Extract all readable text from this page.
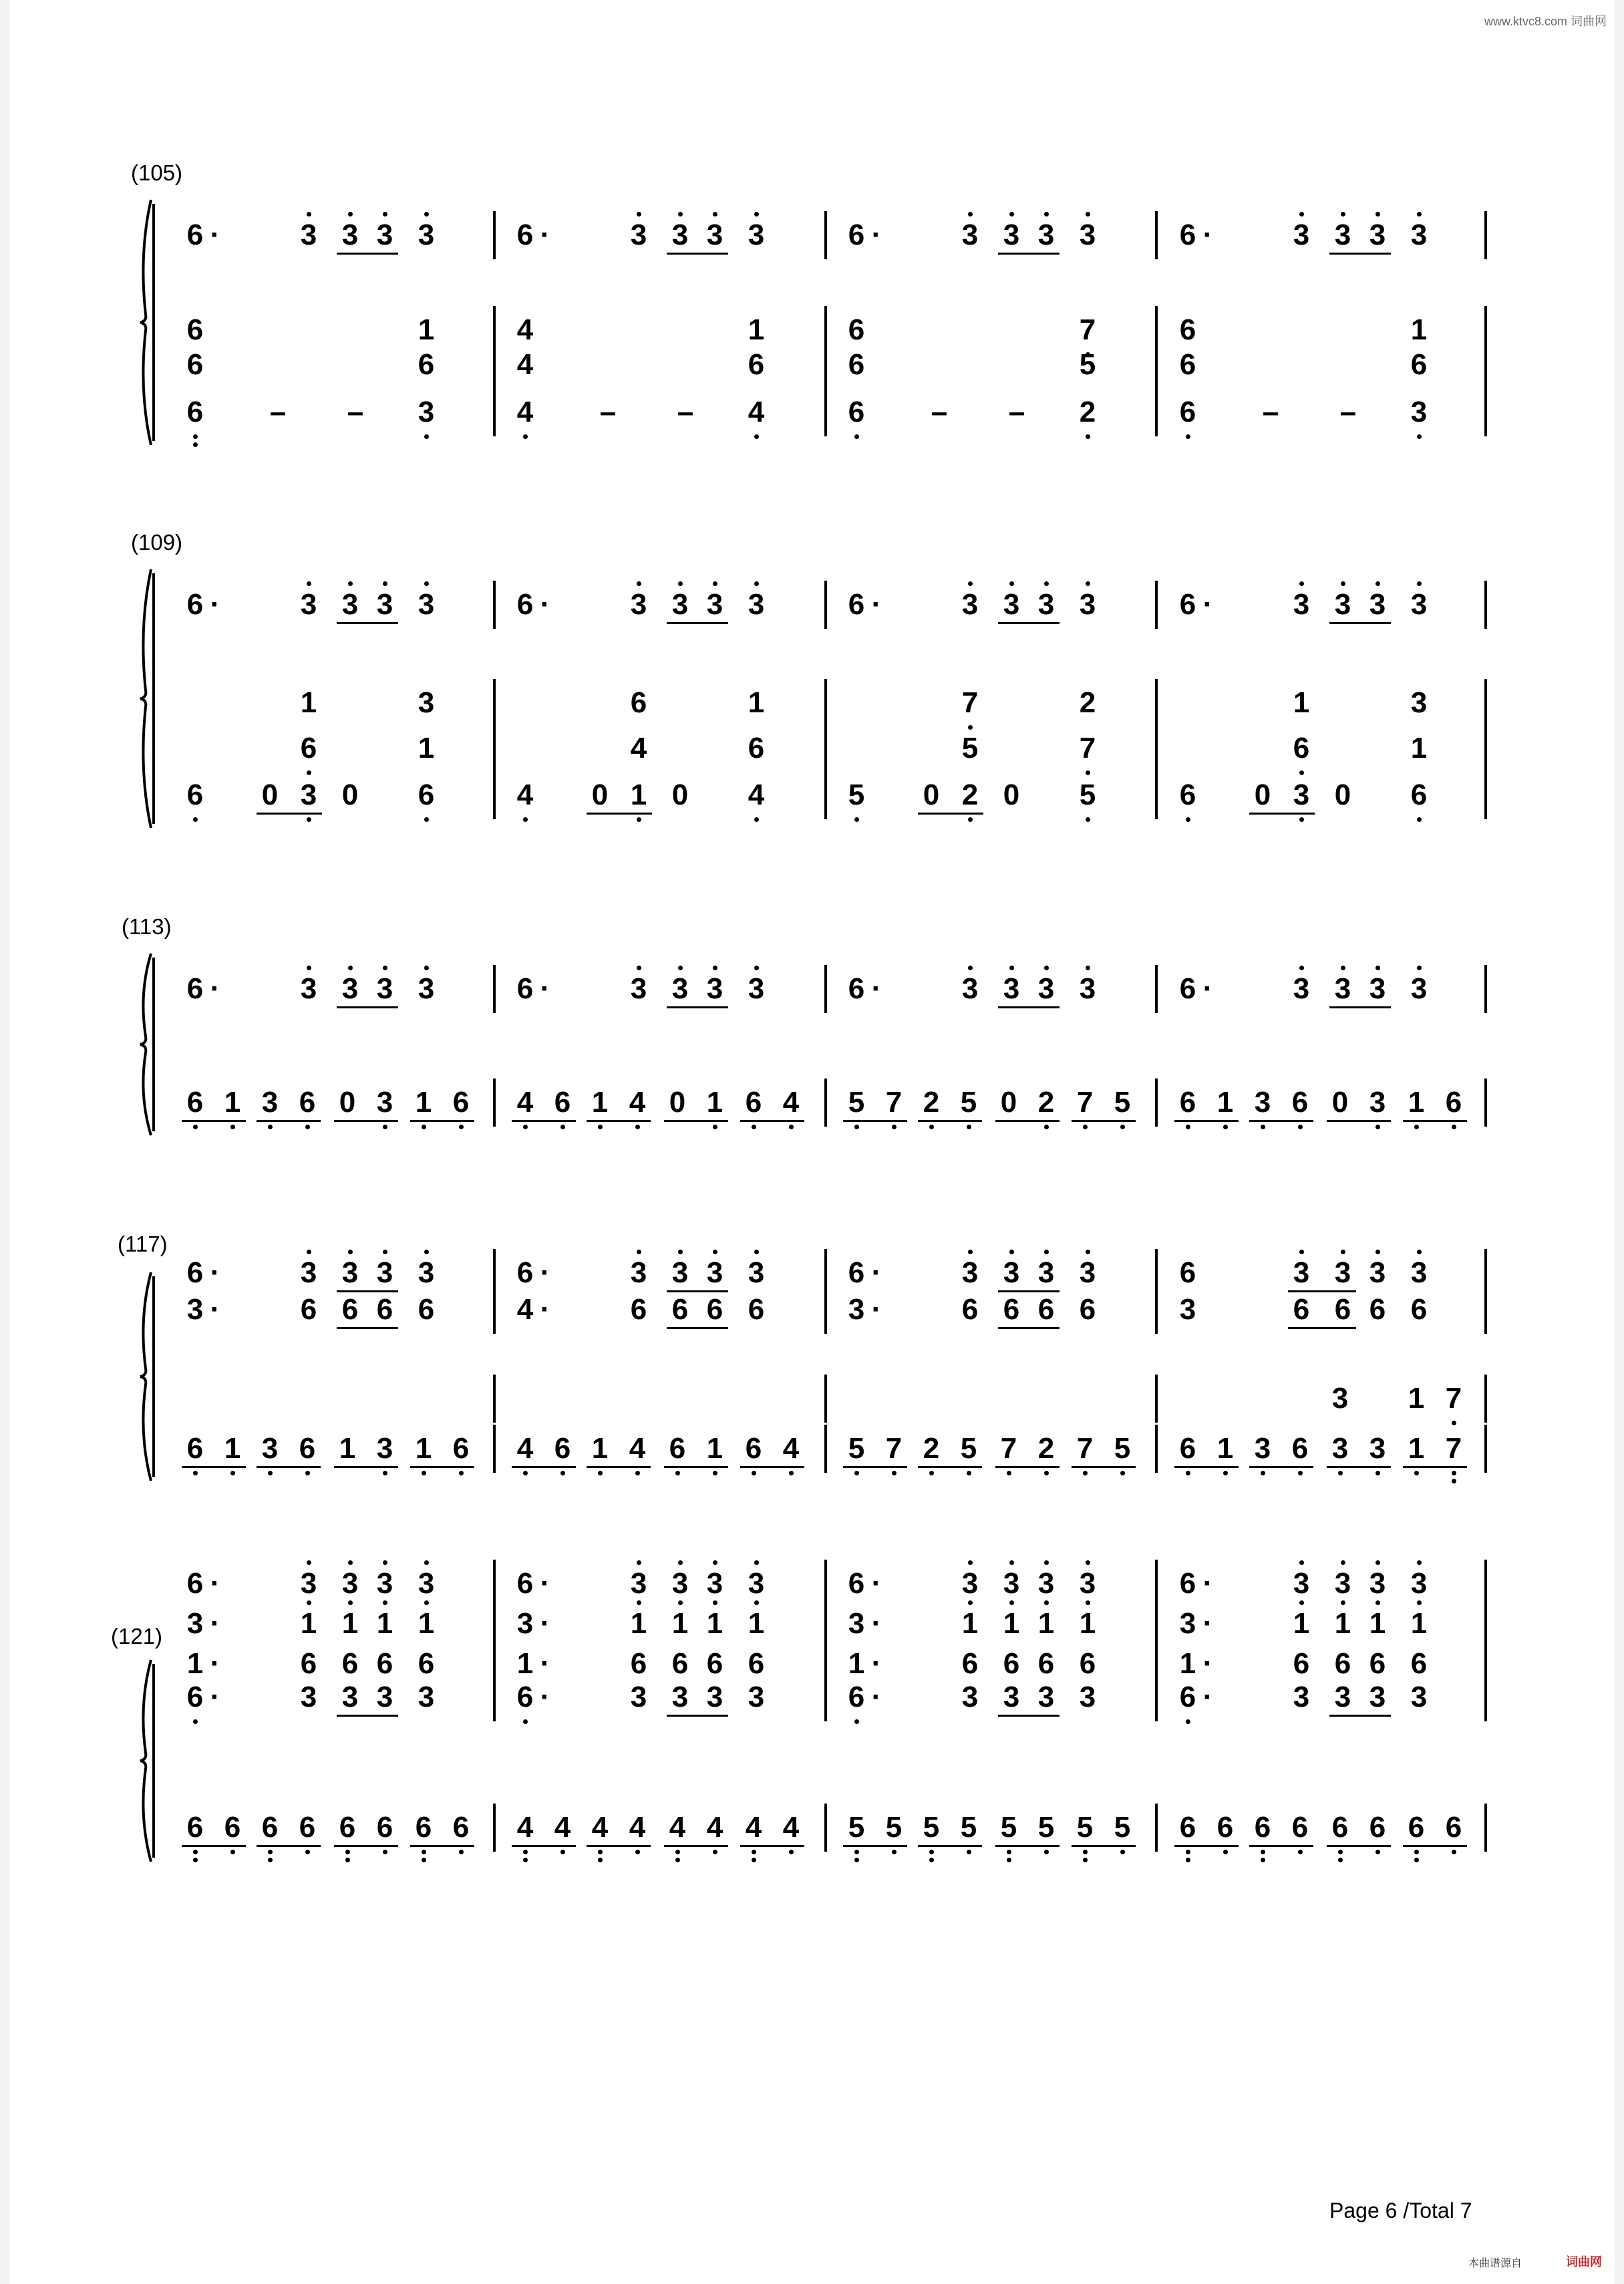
www.ktvc8.com 词曲网
(105)
6 ·	3 3 3 3	6 ·	3 3 3 3	6 ·	3 3 3 3	6 ·	3 3 3 3
6	1	4	1	6	7	6	1
6	6	4	6	6	5	6	6
6	–	–	3	4	–	–	4	6	–	–	2	6	–	–	3
(109)
6 ·	3 3 3 3	6 ·	3 3 3 3	6 ·	3 3 3 3	6 ·	3 3 3 3
1	3	6	1	7	2	1	3
6	1	4	6	5	7	6	1
6	0 3 0	6	4	0 1 0	4	5	0 2 0	5	6	0 3 0	6
(113)
6 ·	3 3 3 3	6 ·	3 3 3 3	6 ·	3 3 3 3	6 ·	3 3 3 3
6 1 3 6 0 3 1 6	4 6 1 4 0 1 6 4	5 7 2 5 0 2 7 5	6 1 3 6 0 3 1 6
(117)
6 ·	3 3 3 3	6 ·	3 3 3 3	6 ·	3 3 3 3	6	3 3 3 3
3 ·	6 6 6 6	4 ·	6 6 6 6	3 ·	6 6 6 6	3	6 6 6 6
3	1 7
6 1 3 6 1 3 1 6	4 6 1 4 6 1 6 4	5 7 2 5 7 2 7 5	6 1 3 6 3 3 1 7
(121)
6 ·	3 3 3 3	6 ·	3 3 3 3	6 ·	3 3 3 3	6 ·	3 3 3 3
3 ·	1 1 1 1	3 ·	1 1 1 1	3 ·	1 1 1 1	3 ·	1 1 1 1
1 ·	6 6 6 6	1 ·	6 6 6 6	1 ·	6 6 6 6	1 ·	6 6 6 6
6 ·	3 3 3 3	6 ·	3 3 3 3	6 ·	3 3 3 3	6 ·	3 3 3 3
6 6 6 6 6 6 6 6	4 4 4 4 4 4 4 4	5 5 5 5 5 5 5 5	6 6 6 6 6 6 6 6
Page 6 /Total 7
本曲谱源自	词曲网
